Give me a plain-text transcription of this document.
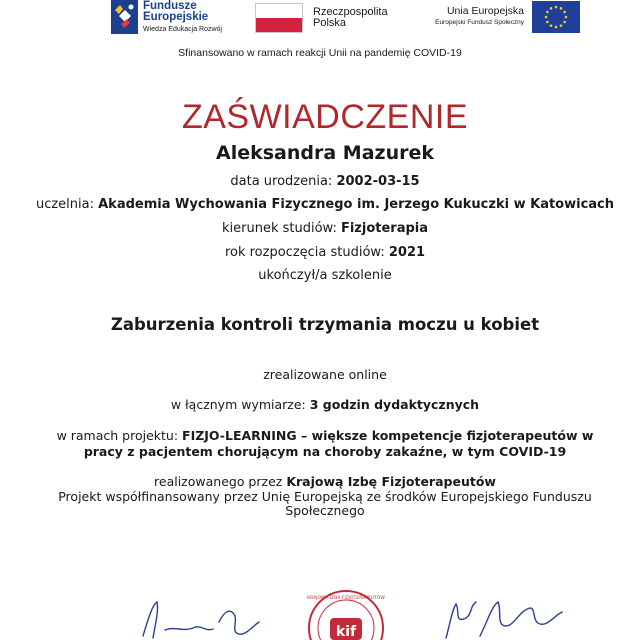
Fundusze
Europejskie
Wiedza Edukacja Rozwój
Rzeczpospolita
Polska
Unia Europejska
Europejski Fundusz Społeczny
Sfinansowano w ramach reakcji Unii na pandemię COVID-19
ZAŚWIADCZENIE
Aleksandra Mazurek
data urodzenia: 2002-03-15
uczelnia: Akademia Wychowania Fizycznego im. Jerzego Kukuczki w Katowicach
kierunek studiów: Fizjoterapia
rok rozpoczęcia studiów: 2021
ukończył/a szkolenie
Zaburzenia kontroli trzymania moczu u kobiet
zrealizowane online
w łącznym wymiarze: 3 godzin dydaktycznych
w ramach projektu: FIZJO-LEARNING – większe kompetencje fizjoterapeutów w
pracy z pacjentem chorującym na choroby zakaźne, w tym COVID-19
realizowanego przez Krajową Izbę Fizjoterapeutów
Projekt współfinansowany przez Unię Europejską ze środków Europejskiego Funduszu
Społecznego
kif
KRAJOWA IZBA FIZJOTERAPEUTÓW
